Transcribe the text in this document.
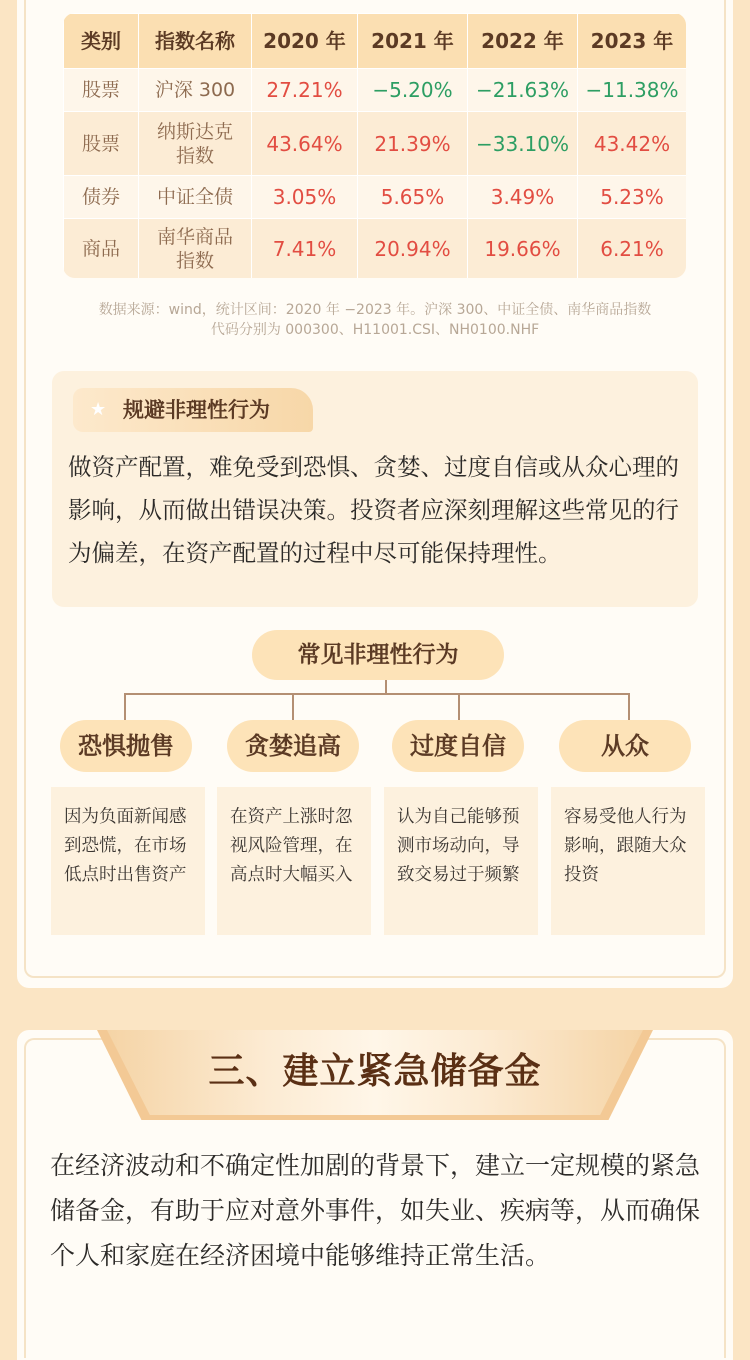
类别	指数名称	2020 年	2021 年	2022 年	2023 年
股票	沪深 300	27.21%	−5.20%	−21.63%	−11.38%
股票	纳斯达克指数	43.64%	21.39%	−33.10%	43.42%
债券	中证全债	3.05%	5.65%	3.49%	5.23%
商品	南华商品指数	7.41%	20.94%	19.66%	6.21%
数据来源：wind，统计区间：2020 年 −2023 年。沪深 300、中证全债、南华商品指数
代码分别为 000300、H11001.CSI、NH0100.NHF
★ 规避非理性行为
做资产配置，难免受到恐惧、贪婪、过度自信或从众心理的影响，从而做出错误决策。投资者应深刻理解这些常见的行为偏差，在资产配置的过程中尽可能保持理性。
常见非理性行为
恐惧抛售	贪婪追高	过度自信	从众
因为负面新闻感到恐慌，在市场低点时出售资产
在资产上涨时忽视风险管理，在高点时大幅买入
认为自己能够预测市场动向，导致交易过于频繁
容易受他人行为影响，跟随大众投资
三、建立紧急储备金
在经济波动和不确定性加剧的背景下，建立一定规模的紧急储备金，有助于应对意外事件，如失业、疾病等，从而确保个人和家庭在经济困境中能够维持正常生活。
